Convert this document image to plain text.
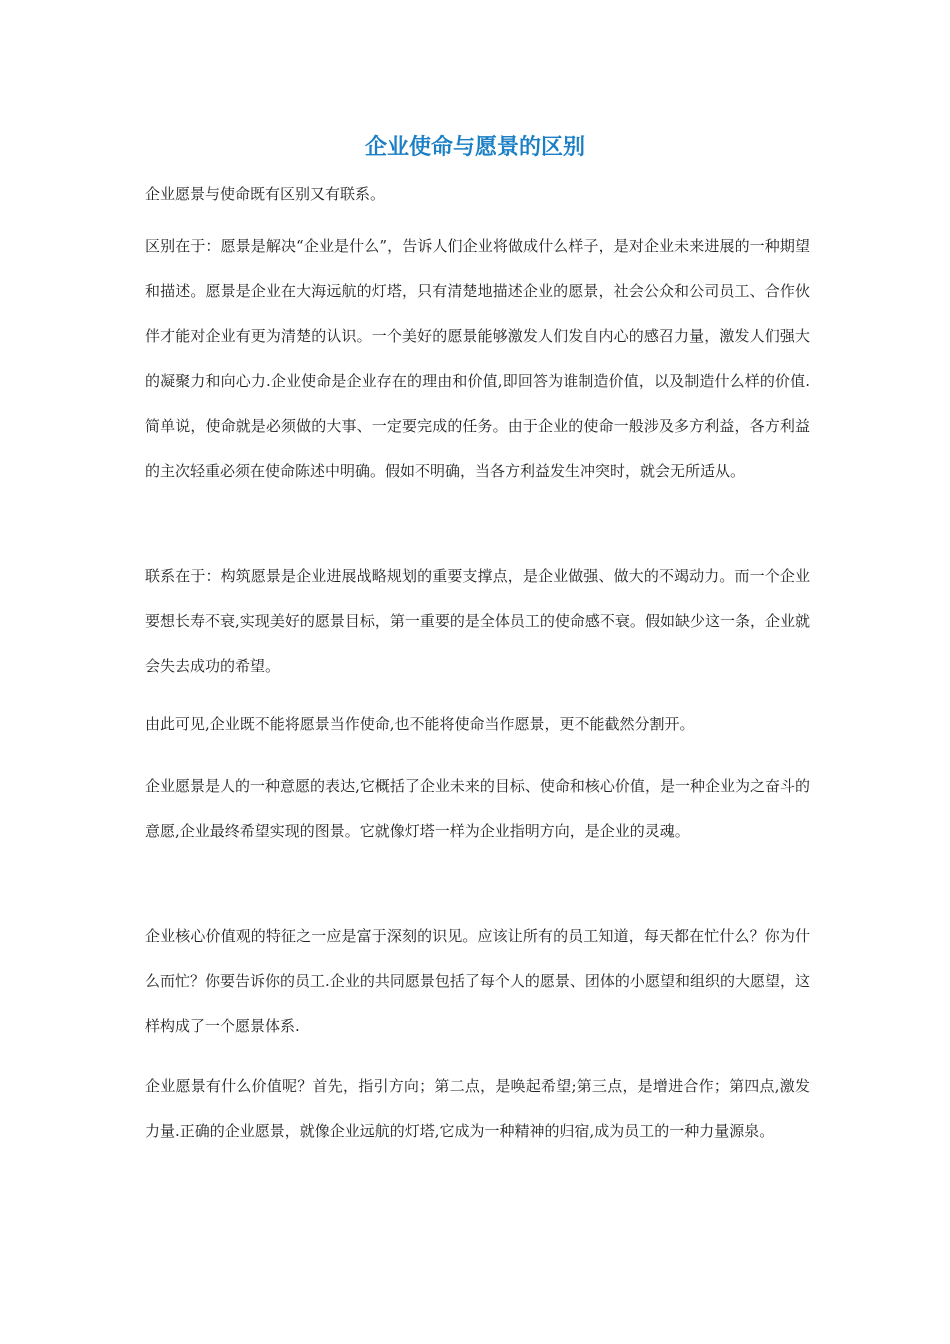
企业使命与愿景的区别

企业愿景与使命既有区别又有联系。

区别在于：愿景是解决“企业是什么”，告诉人们企业将做成什么样子，是对企业未来进展的一种期望和描述。愿景是企业在大海远航的灯塔，只有清楚地描述企业的愿景，社会公众和公司员工、合作伙伴才能对企业有更为清楚的认识。一个美好的愿景能够激发人们发自内心的感召力量，激发人们强大的凝聚力和向心力.企业使命是企业存在的理由和价值,即回答为谁制造价值，以及制造什么样的价值.简单说，使命就是必须做的大事、一定要完成的任务。由于企业的使命一般涉及多方利益，各方利益的主次轻重必须在使命陈述中明确。假如不明确，当各方利益发生冲突时，就会无所适从。

联系在于：构筑愿景是企业进展战略规划的重要支撑点，是企业做强、做大的不竭动力。而一个企业要想长寿不衰,实现美好的愿景目标，第一重要的是全体员工的使命感不衰。假如缺少这一条，企业就会失去成功的希望。

由此可见,企业既不能将愿景当作使命,也不能将使命当作愿景，更不能截然分割开。

企业愿景是人的一种意愿的表达,它概括了企业未来的目标、使命和核心价值，是一种企业为之奋斗的意愿,企业最终希望实现的图景。它就像灯塔一样为企业指明方向，是企业的灵魂。

企业核心价值观的特征之一应是富于深刻的识见。应该让所有的员工知道，每天都在忙什么？你为什么而忙？你要告诉你的员工.企业的共同愿景包括了每个人的愿景、团体的小愿望和组织的大愿望，这样构成了一个愿景体系.

企业愿景有什么价值呢？首先，指引方向；第二点，是唤起希望;第三点，是增进合作；第四点,激发力量.正确的企业愿景，就像企业远航的灯塔,它成为一种精神的归宿,成为员工的一种力量源泉。
